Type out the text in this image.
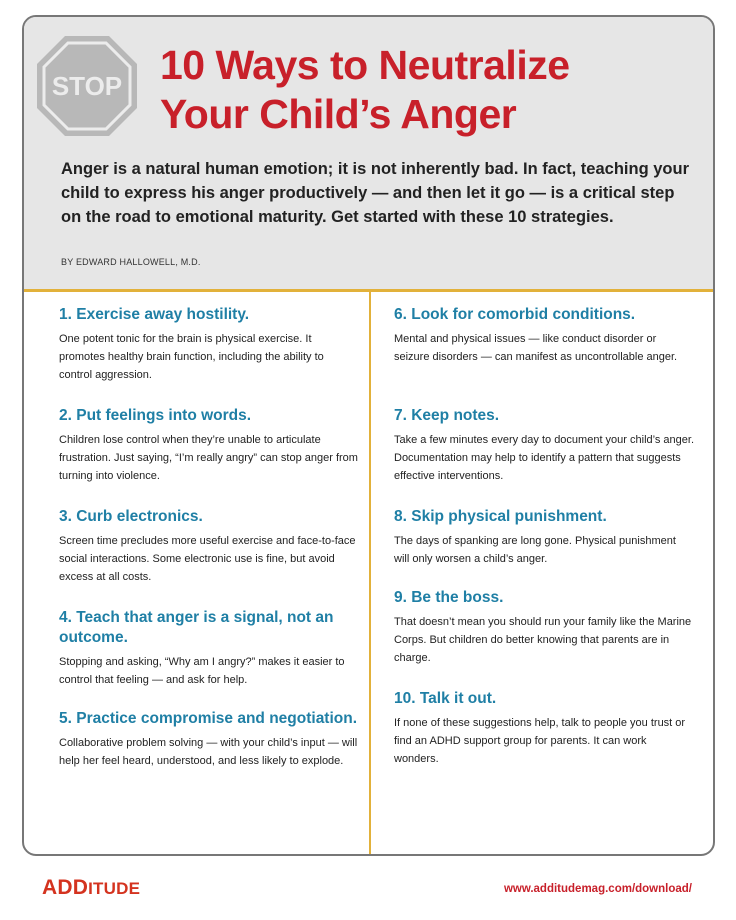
STOP 10 Ways to Neutralize
Your Child’s Anger
Anger is a natural human emotion; it is not inherently bad. In fact, teaching your child to express his anger productively — and then let it go — is a critical step on the road to emotional maturity. Get started with these 10 strategies.
BY EDWARD HALLOWELL, M.D.
1. Exercise away hostility.
One potent tonic for the brain is physical exercise. It promotes healthy brain function, including the ability to control aggression.
2. Put feelings into words.
Children lose control when they’re unable to articulate frustration. Just saying, “I’m really angry” can stop anger from turning into violence.
3. Curb electronics.
Screen time precludes more useful exercise and face-to-face social interactions. Some electronic use is fine, but avoid excess at all costs.
4. Teach that anger is a signal, not an outcome.
Stopping and asking, “Why am I angry?” makes it easier to control that feeling — and ask for help.
5. Practice compromise and negotiation.
Collaborative problem solving — with your child’s input — will help her feel heard, understood, and less likely to explode.
6. Look for comorbid conditions.
Mental and physical issues — like conduct disorder or seizure disorders — can manifest as uncontrollable anger.
7. Keep notes.
Take a few minutes every day to document your child’s anger. Documentation may help to identify a pattern that suggests effective interventions.
8. Skip physical punishment.
The days of spanking are long gone. Physical punishment will only worsen a child’s anger.
9. Be the boss.
That doesn’t mean you should run your family like the Marine Corps. But children do better knowing that parents are in charge.
10. Talk it out.
If none of these suggestions help, talk to people you trust or find an ADHD support group for parents. It can work wonders.
ADDITUDE	www.additudemag.com/download/
